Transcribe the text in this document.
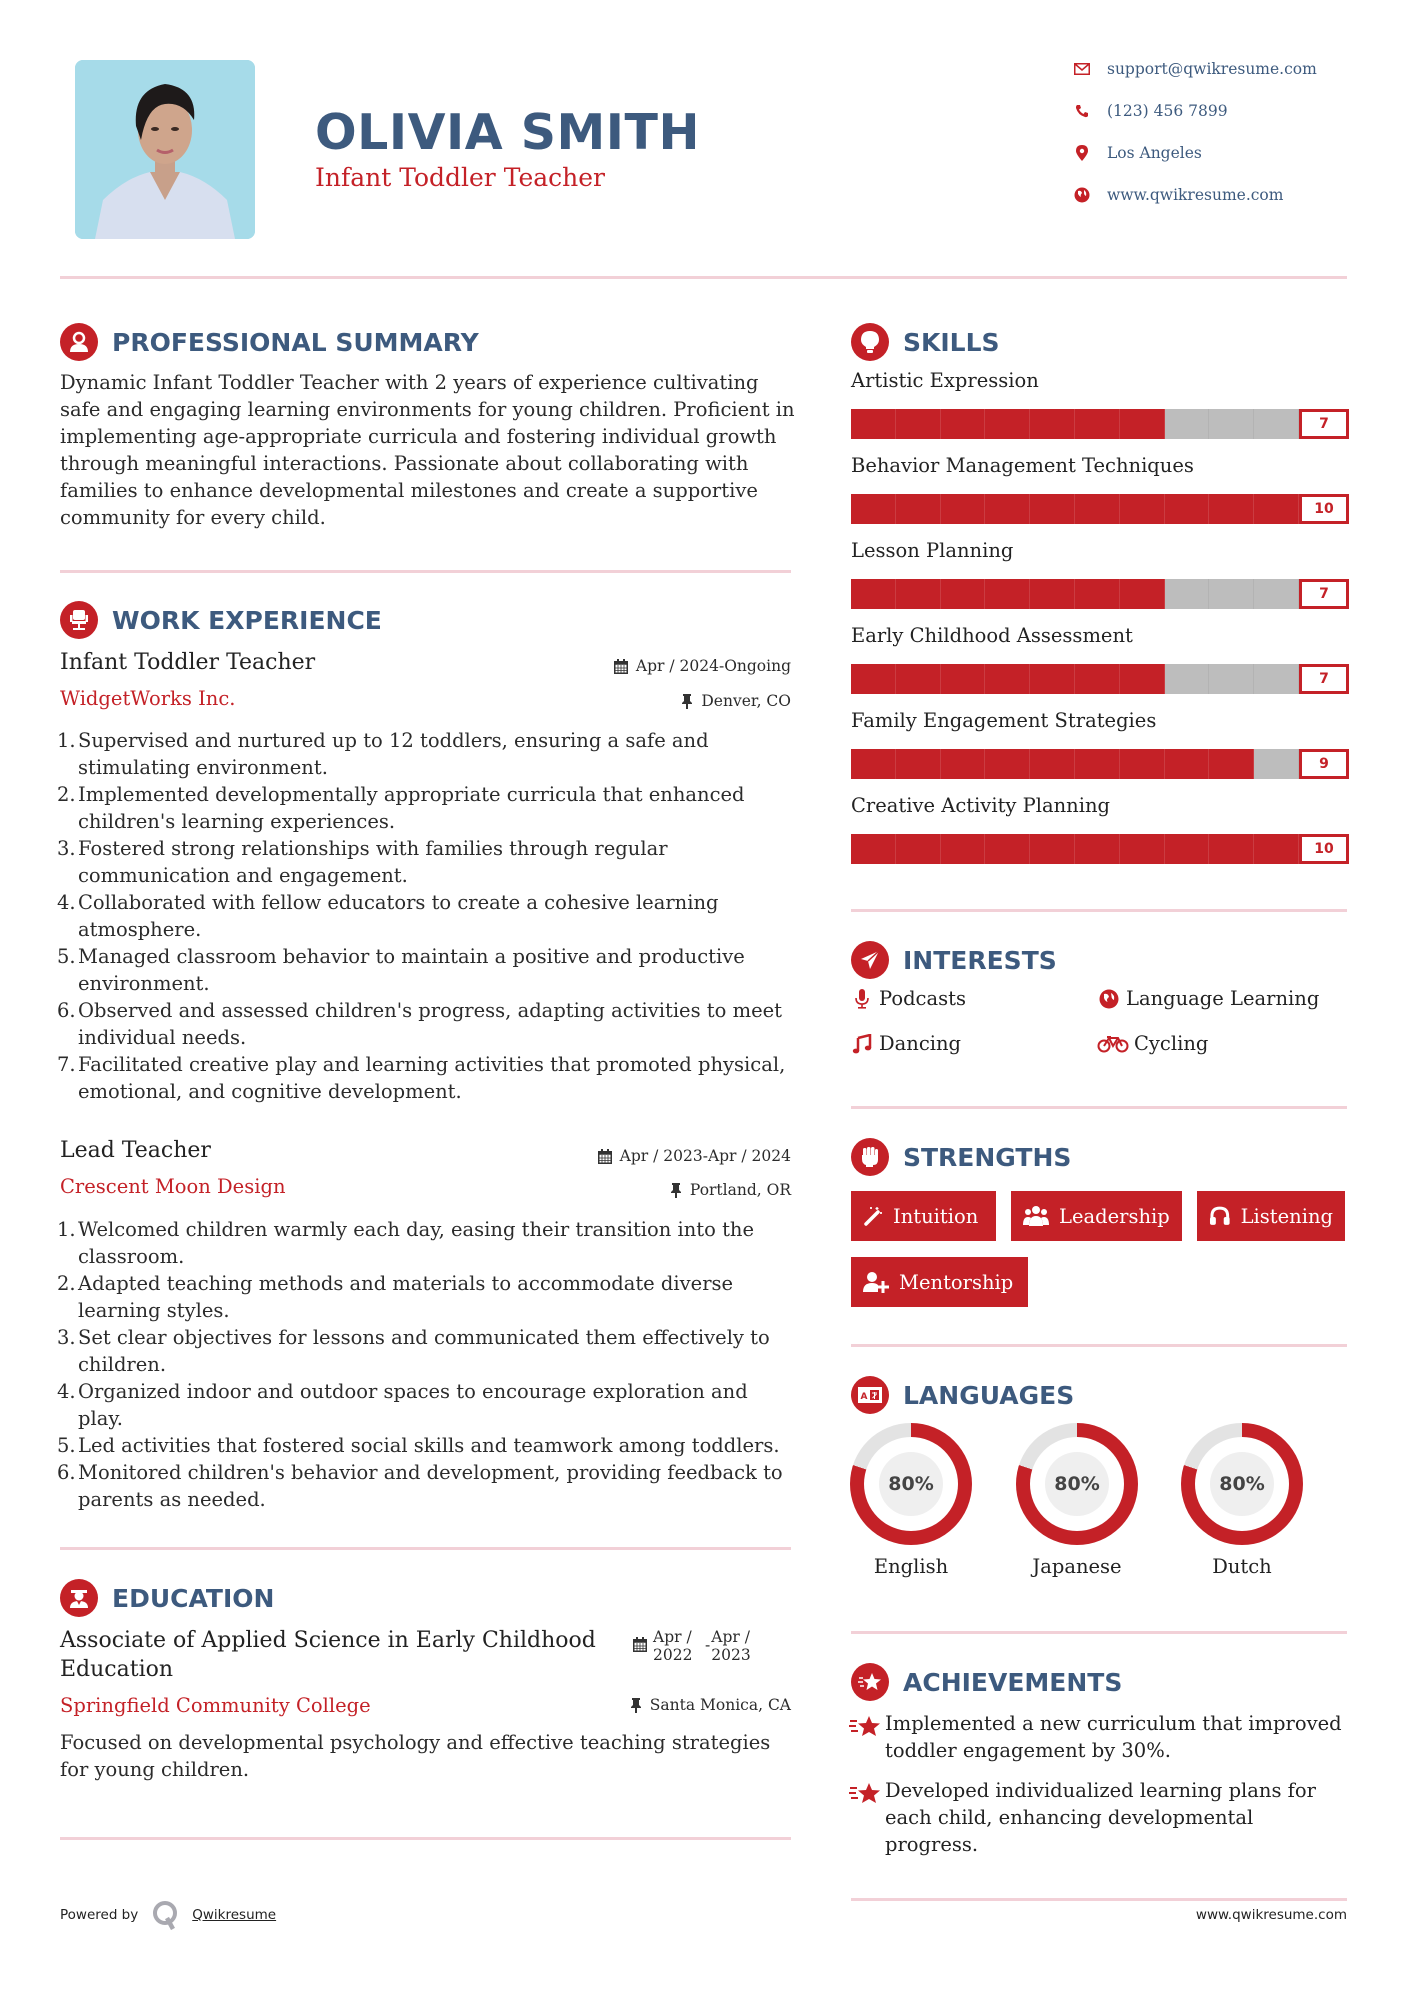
OLIVIA SMITH
Infant Toddler Teacher
support@qwikresume.com
(123) 456 7899
Los Angeles
www.qwikresume.com
PROFESSIONAL SUMMARY
Dynamic Infant Toddler Teacher with 2 years of experience cultivating safe and engaging learning environments for young children. Proficient in implementing age-appropriate curricula and fostering individual growth through meaningful interactions. Passionate about collaborating with families to enhance developmental milestones and create a supportive community for every child.
WORK EXPERIENCE
Infant Toddler Teacher	Apr / 2024-Ongoing
WidgetWorks Inc.	Denver, CO
Supervised and nurtured up to 12 toddlers, ensuring a safe and stimulating environment.
Implemented developmentally appropriate curricula that enhanced children's learning experiences.
Fostered strong relationships with families through regular communication and engagement.
Collaborated with fellow educators to create a cohesive learning atmosphere.
Managed classroom behavior to maintain a positive and productive environment.
Observed and assessed children's progress, adapting activities to meet individual needs.
Facilitated creative play and learning activities that promoted physical, emotional, and cognitive development.
Lead Teacher	Apr / 2023-Apr / 2024
Crescent Moon Design	Portland, OR
Welcomed children warmly each day, easing their transition into the classroom.
Adapted teaching methods and materials to accommodate diverse learning styles.
Set clear objectives for lessons and communicated them effectively to children.
Organized indoor and outdoor spaces to encourage exploration and play.
Led activities that fostered social skills and teamwork among toddlers.
Monitored children's behavior and development, providing feedback to parents as needed.
EDUCATION
Associate of Applied Science in Early Childhood Education
Apr /
2022
- Apr /
2023
Springfield Community College	Santa Monica, CA
Focused on developmental psychology and effective teaching strategies for young children.
SKILLS
Artistic Expression
7
Behavior Management Techniques
10
Lesson Planning
7
Early Childhood Assessment
7
Family Engagement Strategies
9
Creative Activity Planning
10
INTERESTS
Podcasts	Language Learning
Dancing	Cycling
STRENGTHS
Intuition	Leadership	Listening
Mentorship
A LANGUAGES
80%
English
80%
Japanese
80%
Dutch
ACHIEVEMENTS
Implemented a new curriculum that improved toddler engagement by 30%.
Developed individualized learning plans for each child, enhancing developmental progress.
Powered by	Qwikresume	www.qwikresume.com
